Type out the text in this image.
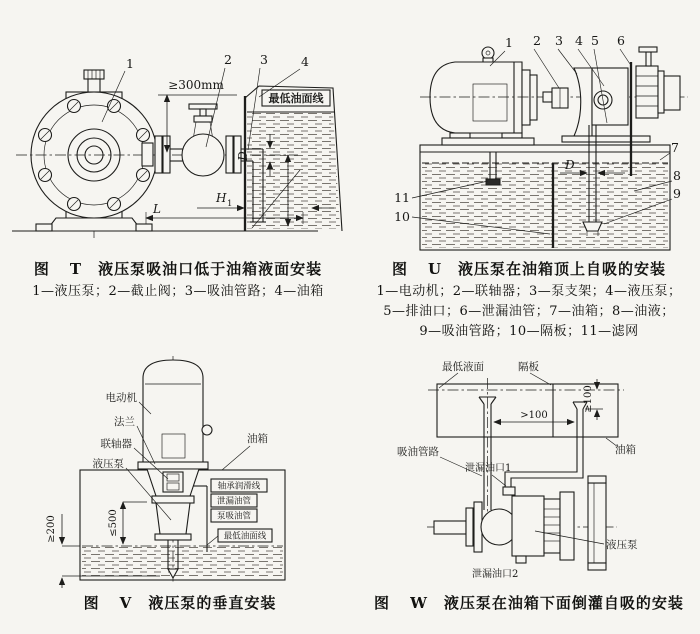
最低油面线
D
≥300mm
H 1
L
1	2 3	4
D
1 2 3 4 5 6
7
8
9
11
10
电动机
法兰
联轴器
液压泵
油箱
轴承润滑线
泄漏油管
泵吸油管
最低油面线
≥200	≤500
最低液面	隔板
油箱
>100
≥100
吸油管路
泄漏油口1
液压泵
泄漏油口2
图 T 液压泵吸油口低于油箱液面安装
1—液压泵；2—截止阀；3—吸油管路；4—油箱
图 U 液压泵在油箱顶上自吸的安装
1—电动机；2—联轴器；3—泵支架；4—液压泵；
5—排油口；6—泄漏油管；7—油箱；8—油液；
9—吸油管路；10—隔板；11—滤网
图 V 液压泵的垂直安装	图 W 液压泵在油箱下面倒灌自吸的安装
